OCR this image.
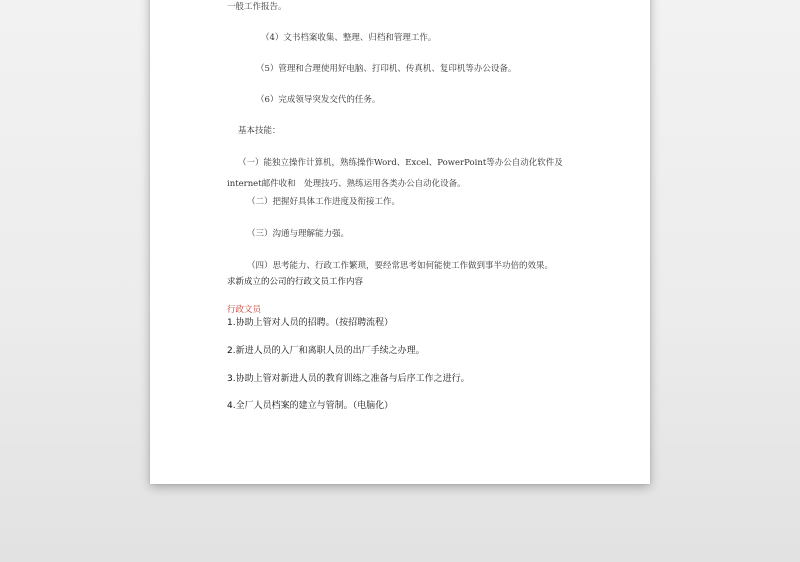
一般工作报告。
（4）文书档案收集、整理、归档和管理工作。
（5）管理和合理使用好电脑、打印机、传真机、复印机等办公设备。
（6）完成领导突发交代的任务。
基本技能：
（一）能独立操作计算机，熟练操作Word、Excel、PowerPoint等办公自动化软件及
internet邮件收和　处理技巧、熟练运用各类办公自动化设备。
（二）把握好具体工作进度及衔接工作。
（三）沟通与理解能力强。
（四）思考能力、行政工作繁琐，要经常思考如何能使工作做到事半功倍的效果。
求新成立的公司的行政文员工作内容
行政文员
1.协助上管对人员的招聘。（按招聘流程）
2.新进人员的入厂和离职人员的出厂手续之办理。
3.协助上管对新进人员的教育训练之准备与后序工作之进行。
4.全厂人员档案的建立与管制。（电脑化）
